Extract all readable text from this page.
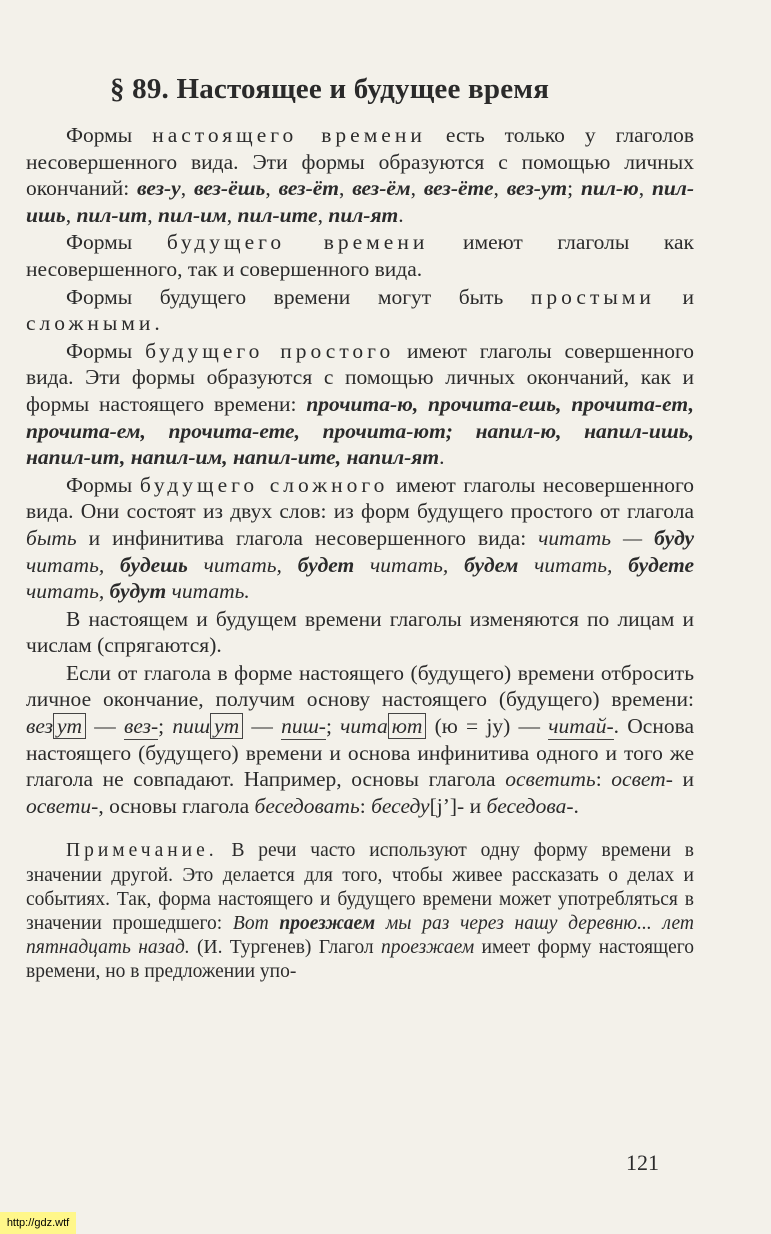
§ 89. Настоящее и будущее время
Формы настоящего времени есть только у глаголов несовершенного вида. Эти формы образуются с помощью личных окончаний: вез-у, вез-ёшь, вез-ёт, вез-ём, вез-ёте, вез-ут; пил-ю, пил-ишь, пил-ит, пил-им, пил-ите, пил-ят.
Формы будущего времени имеют глаголы как несовершенного, так и совершенного вида.
Формы будущего времени могут быть простыми и сложными.
Формы будущего простого имеют глаголы совершенного вида. Эти формы образуются с помощью личных окончаний, как и формы настоящего времени: прочита-ю, прочита-ешь, прочита-ет, прочита-ем, прочита-ете, прочита-ют; напил-ю, напил-ишь, напил-ит, напил-им, напил-ите, напил-ят.
Формы будущего сложного имеют глаголы несовершенного вида. Они состоят из двух слов: из форм будущего простого от глагола быть и инфинитива глагола несовершенного вида: читать — буду читать, будешь читать, будет читать, будем читать, будете читать, будут читать.
В настоящем и будущем времени глаголы изменяются по лицам и числам (спрягаются).
Если от глагола в форме настоящего (будущего) времени отбросить личное окончание, получим основу настоящего (будущего) времени: вез ут — вез-; пиш ут — пиш-; чита ют (ю = jу) — читай-. Основа настоящего (будущего) времени и основа инфинитива одного и того же глагола не совпадают. Например, основы глагола осветить: освет- и освети-, основы глагола беседовать: беседу[j’]- и беседова-.
Примечание. В речи часто используют одну форму времени в значении другой. Это делается для того, чтобы живее рассказать о делах и событиях. Так, форма настоящего и будущего времени может употребляться в значении прошедшего: Вот проезжаем мы раз через нашу деревню... лет пятнадцать назад. (И. Тургенев) Глагол проезжаем имеет форму настоящего времени, но в предложении упо-
121
http://gdz.wtf
